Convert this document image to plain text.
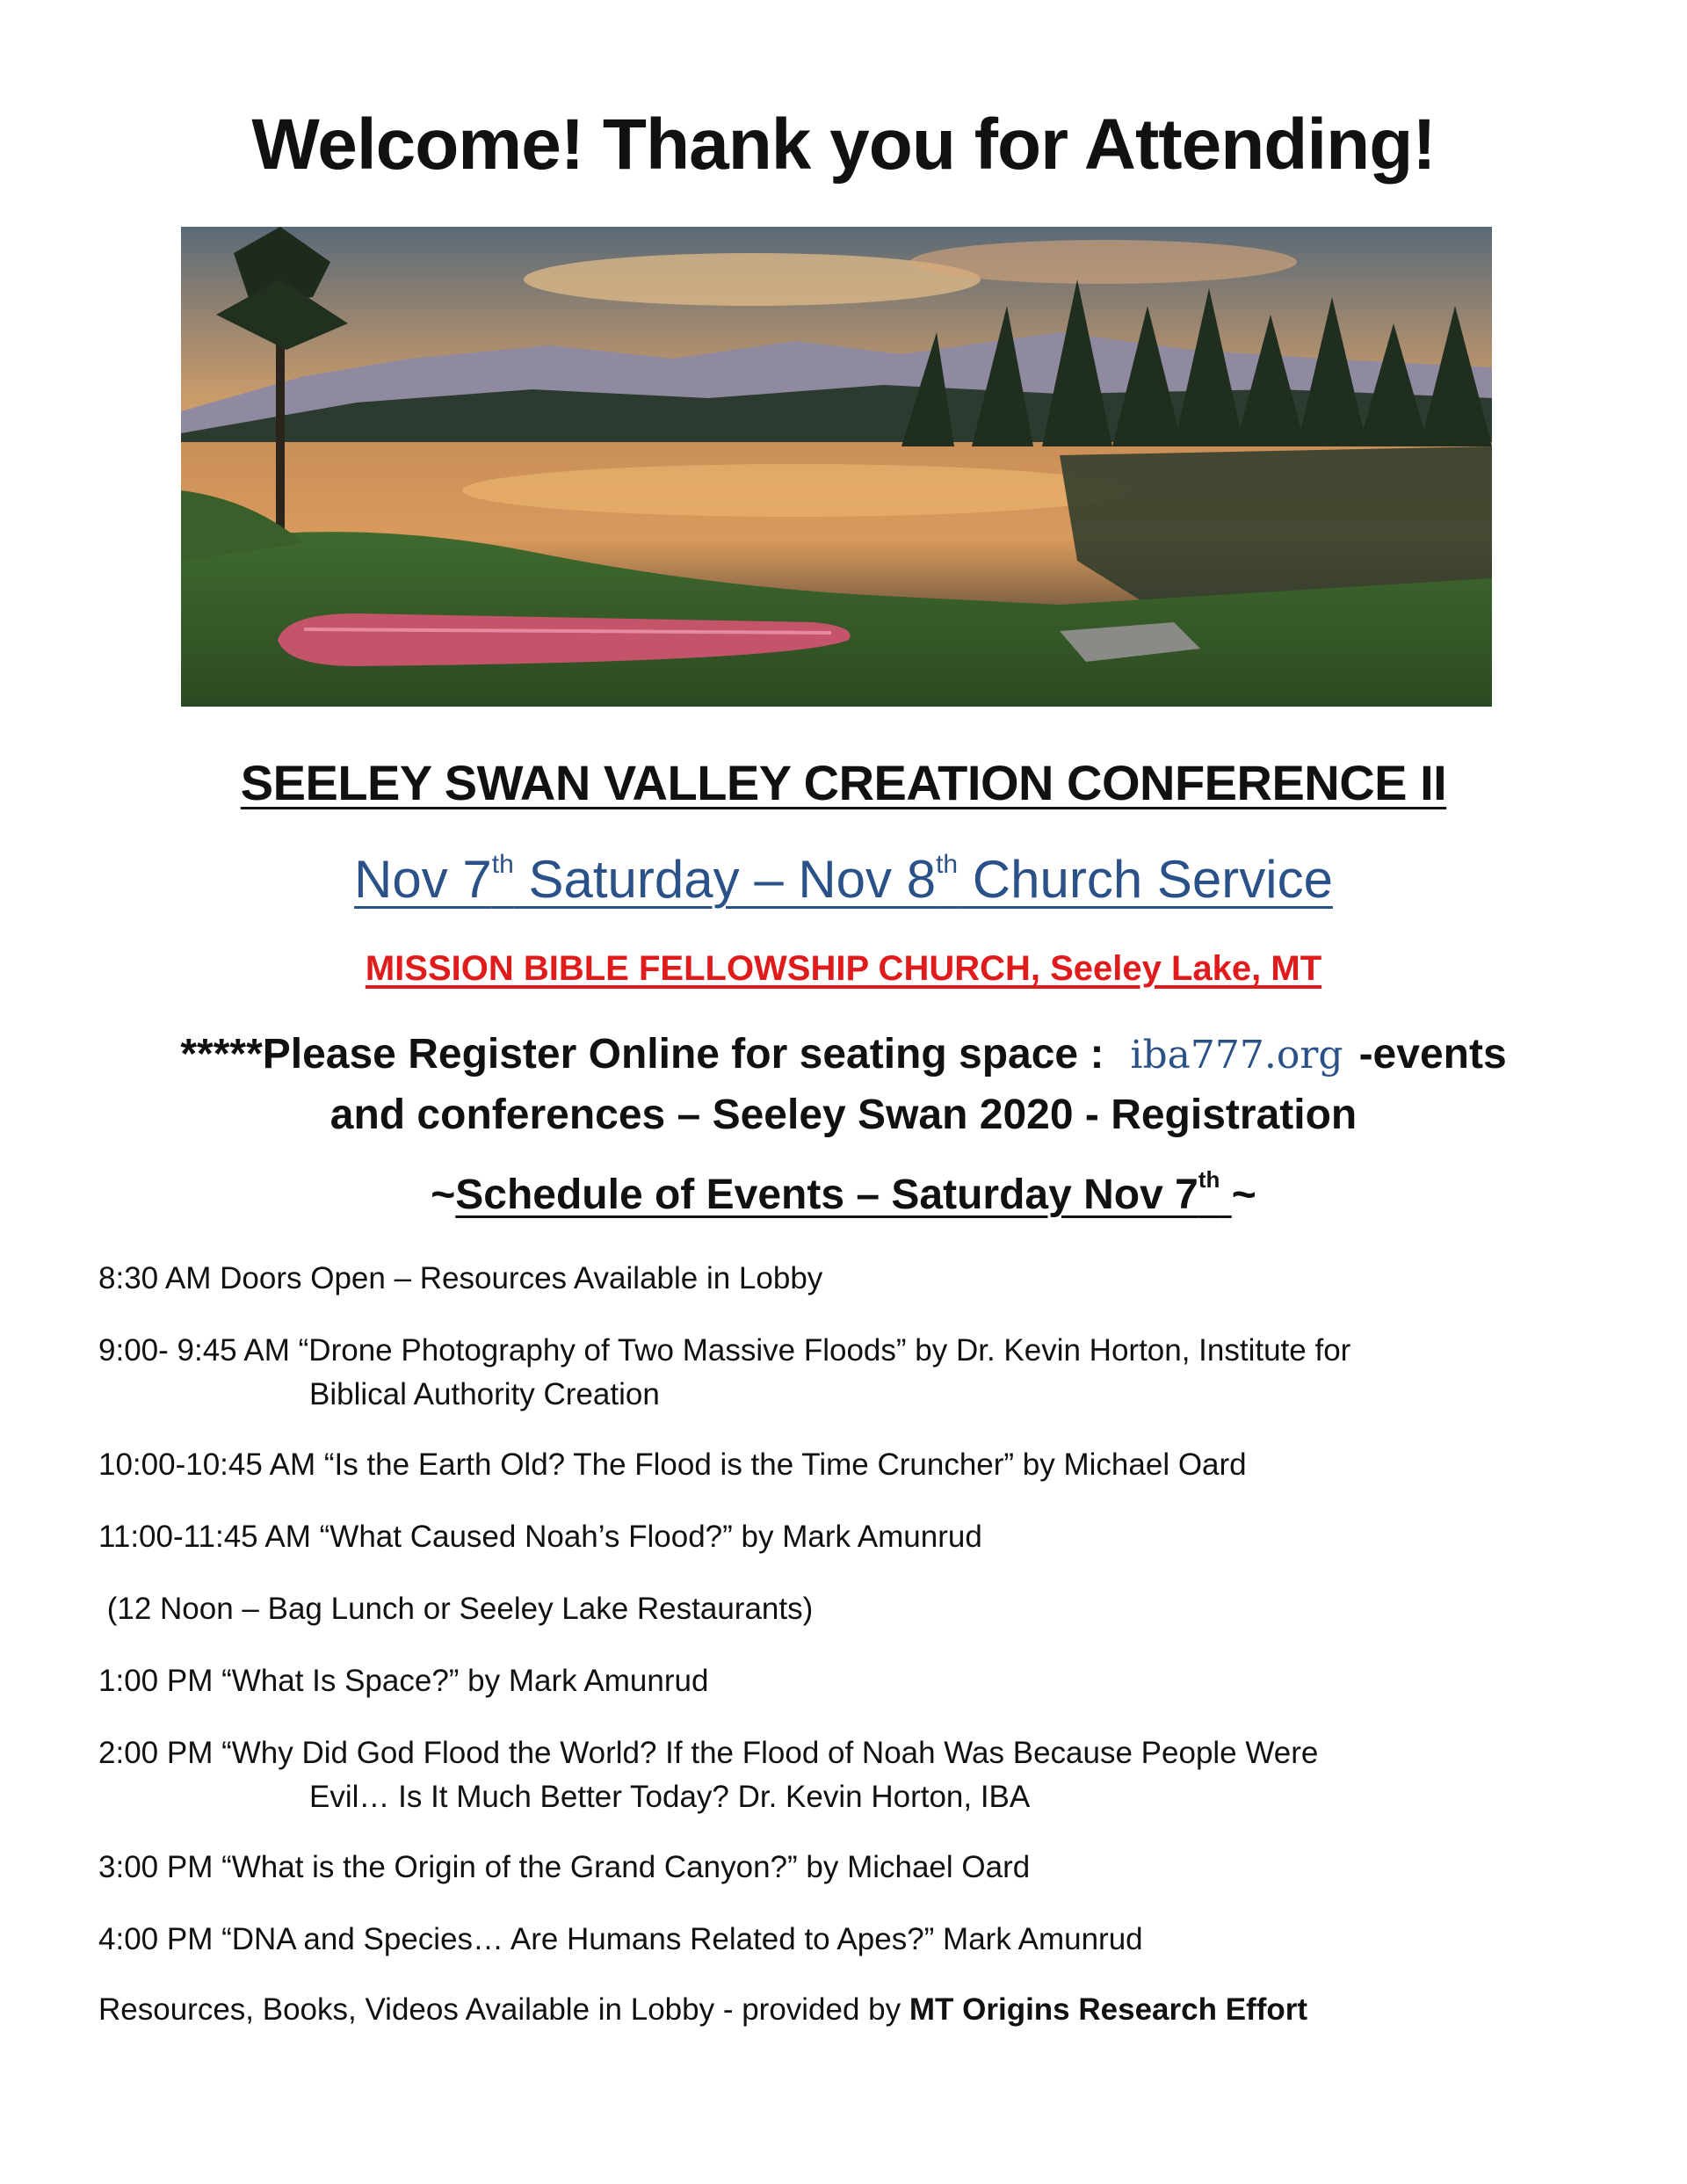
Welcome! Thank you for Attending!
SEELEY SWAN VALLEY CREATION CONFERENCE II
Nov 7th Saturday – Nov 8th Church Service
MISSION BIBLE FELLOWSHIP CHURCH, Seeley Lake, MT
*****Please Register Online for seating space : iba777.org -events
and conferences – Seeley Swan 2020 - Registration
~Schedule of Events – Saturday Nov 7th ~
8:30 AM Doors Open – Resources Available in Lobby
9:00- 9:45 AM “Drone Photography of Two Massive Floods” by Dr. Kevin Horton, Institute for
Biblical Authority Creation
10:00-10:45 AM “Is the Earth Old? The Flood is the Time Cruncher” by Michael Oard
11:00-11:45 AM “What Caused Noah’s Flood?” by Mark Amunrud
(12 Noon – Bag Lunch or Seeley Lake Restaurants)
1:00 PM “What Is Space?” by Mark Amunrud
2:00 PM “Why Did God Flood the World? If the Flood of Noah Was Because People Were
Evil… Is It Much Better Today? Dr. Kevin Horton, IBA
3:00 PM “What is the Origin of the Grand Canyon?” by Michael Oard
4:00 PM “DNA and Species… Are Humans Related to Apes?” Mark Amunrud
Resources, Books, Videos Available in Lobby - provided by MT Origins Research Effort
